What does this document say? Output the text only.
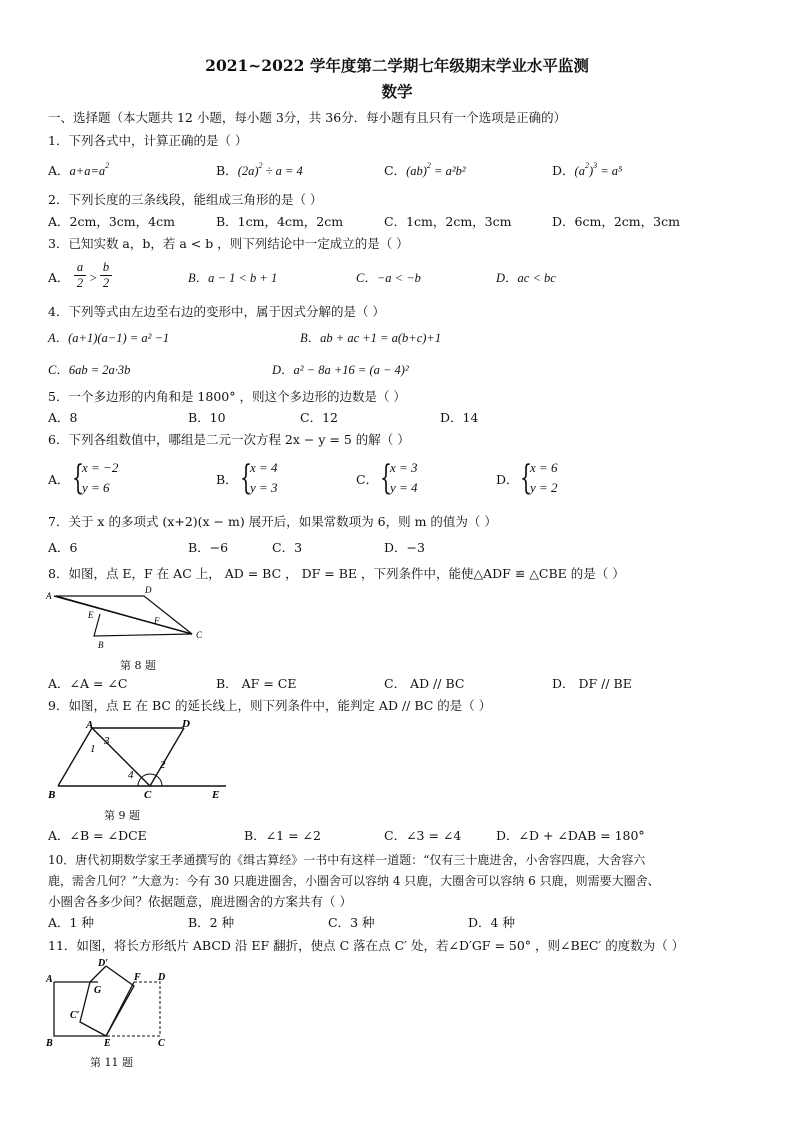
2021~2022 学年度第二学期七年级期末学业水平监测
数学
一、选择题（本大题共 12 小题，每小题 3分，共 36分．每小题有且只有一个选项是正确的）
1．下列各式中，计算正确的是（ ）
A．$a+a=a^2$	B．$(2a)^2 \div a = 4$	C．(ab)$^2$ = a²b²	D．$(a^2)^3 = a^5$
2．下列长度的三条线段，能组成三角形的是（ ）
A．2cm，3cm，4cm	B．1cm，4cm，2cm	C．1cm，2cm，3cm	D．6cm，2cm，3cm
3．已知实数 a，b，若 a < b ，则下列结论中一定成立的是（ ）
A． $\frac{a}{2} > \frac{b}{2}$	B．a − 1 < b + 1	C．−a < −b	D．ac < bc
4．下列等式由左边至右边的变形中，属于因式分解的是（ ）
A．(a+1)(a−1) = a² −1	B．ab + ac +1 = a(b+c)+1
C．6ab = 2a·3b	D．a² − 8a +16 = (a − 4)²
5．一个多边形的内角和是 1800° ，则这个多边形的边数是（ ）
A．8	B．10	C．12	D．14
6．下列各组数值中，哪组是二元一次方程 2x − y = 5 的解（ ）
A． {
x = −2
y = 6
B． {
x = 4
y = 3
C． {
x = 3
y = 4
D． {
x = 6
y = 2
7．关于 x 的多项式 (x+2)(x − m) 展开后，如果常数项为 6，则 m 的值为（ ）
A．6	B．−6	C．3	D．−3
8．如图，点 E，F 在 AC 上， AD = BC ， DF = BE ，下列条件中，能使△ADF ≌ △CBE 的是（ ）
A
D
E
F
C
B
第 8 题
A．∠A = ∠C	B． AF = CE	C． AD // BC	D． DF // BE
9．如图，点 E 在 BC 的延长线上，则下列条件中，能判定 AD // BC 的是（ ）
A	D
B	C	E
1
2
3
4
第 9 题
A．∠B = ∠DCE	B．∠1 = ∠2	C．∠3 = ∠4	D．∠D + ∠DAB = 180°
10．唐代初期数学家王孝通撰写的《缉古算经》一书中有这样一道题：“仅有三十鹿进舍，小舍容四鹿，大舍容六
鹿，需舍几何？”大意为：今有 30 只鹿进圈舍，小圈舍可以容纳 4 只鹿，大圈舍可以容纳 6 只鹿，则需要大圈舍、
小圈舍各多少间？依据题意，鹿进圈舍的方案共有（ ）
A．1 种	B．2 种	C．3 种	D．4 种
11．如图，将长方形纸片 ABCD 沿 EF 翻折，使点 C 落在点 C′ 处，若∠D′GF = 50° ，则∠BEC′ 的度数为（ ）
A
B	C
D
D′
F
G
C′
E
第 11 题
